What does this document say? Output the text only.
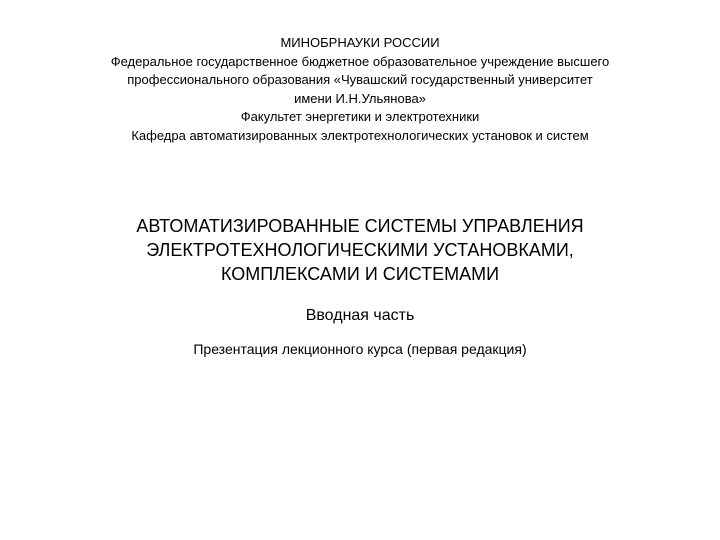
МИНОБРНАУКИ РОССИИ
Федеральное государственное бюджетное образовательное учреждение высшего
профессионального образования «Чувашский государственный университет
имени И.Н.Ульянова»
Факультет энергетики и электротехники
Кафедра автоматизированных электротехнологических установок и систем
АВТОМАТИЗИРОВАННЫЕ СИСТЕМЫ УПРАВЛЕНИЯ
ЭЛЕКТРОТЕХНОЛОГИЧЕСКИМИ УСТАНОВКАМИ,
КОМПЛЕКСАМИ И СИСТЕМАМИ
Вводная часть
Презентация лекционного курса (первая редакция)
